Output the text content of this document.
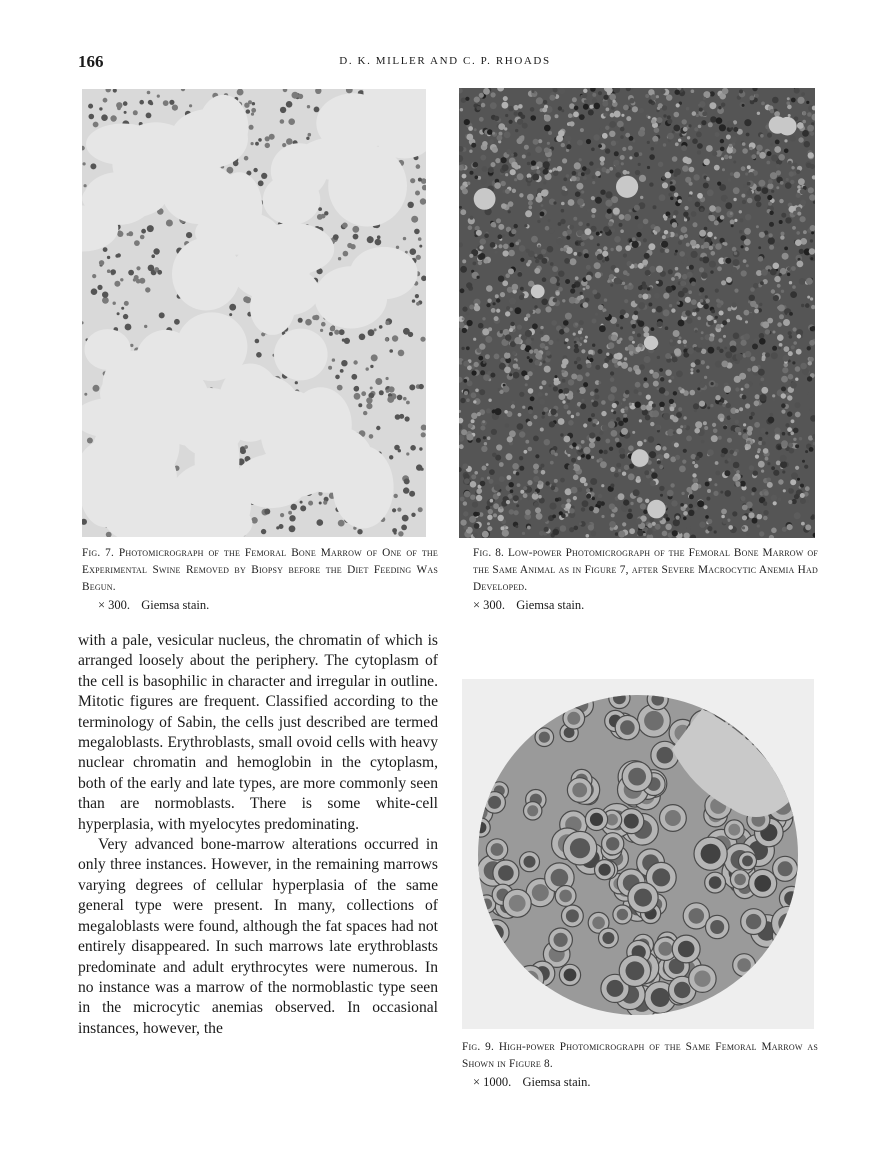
166	D. K. MILLER AND C. P. RHOADS
Fig. 7. Photomicrograph of the Femoral Bone Marrow of One of the Experimental Swine Removed by Biopsy before the Diet Feeding Was Begun.
× 300. Giemsa stain.
Fig. 8. Low-power Photomicrograph of the Femoral Bone Marrow of the Same Animal as in Figure 7, after Severe Macrocytic Anemia Had Developed.
× 300. Giemsa stain.
Fig. 9. High-power Photomicrograph of the Same Femoral Marrow as Shown in Figure 8.
× 1000. Giemsa stain.

with a pale, vesicular nucleus, the chromatin of which is arranged loosely about the periphery. The cytoplasm of the cell is basophilic in character and irregular in outline. Mitotic figures are frequent. Classified according to the terminology of Sabin, the cells just described are termed megaloblasts. Erythroblasts, small ovoid cells with heavy nuclear chromatin and hemoglobin in the cytoplasm, both of the early and late types, are more commonly seen than are normoblasts. There is some white-cell hyperplasia, with myelocytes predominating.

Very advanced bone-marrow alterations occurred in only three instances. However, in the remaining marrows varying degrees of cellular hyperplasia of the same general type were present. In many, collections of megaloblasts were found, although the fat spaces had not entirely disappeared. In such marrows late erythroblasts predominate and adult erythrocytes were numerous. In no instance was a marrow of the normoblastic type seen in the microcytic anemias observed. In occasional instances, however, the
